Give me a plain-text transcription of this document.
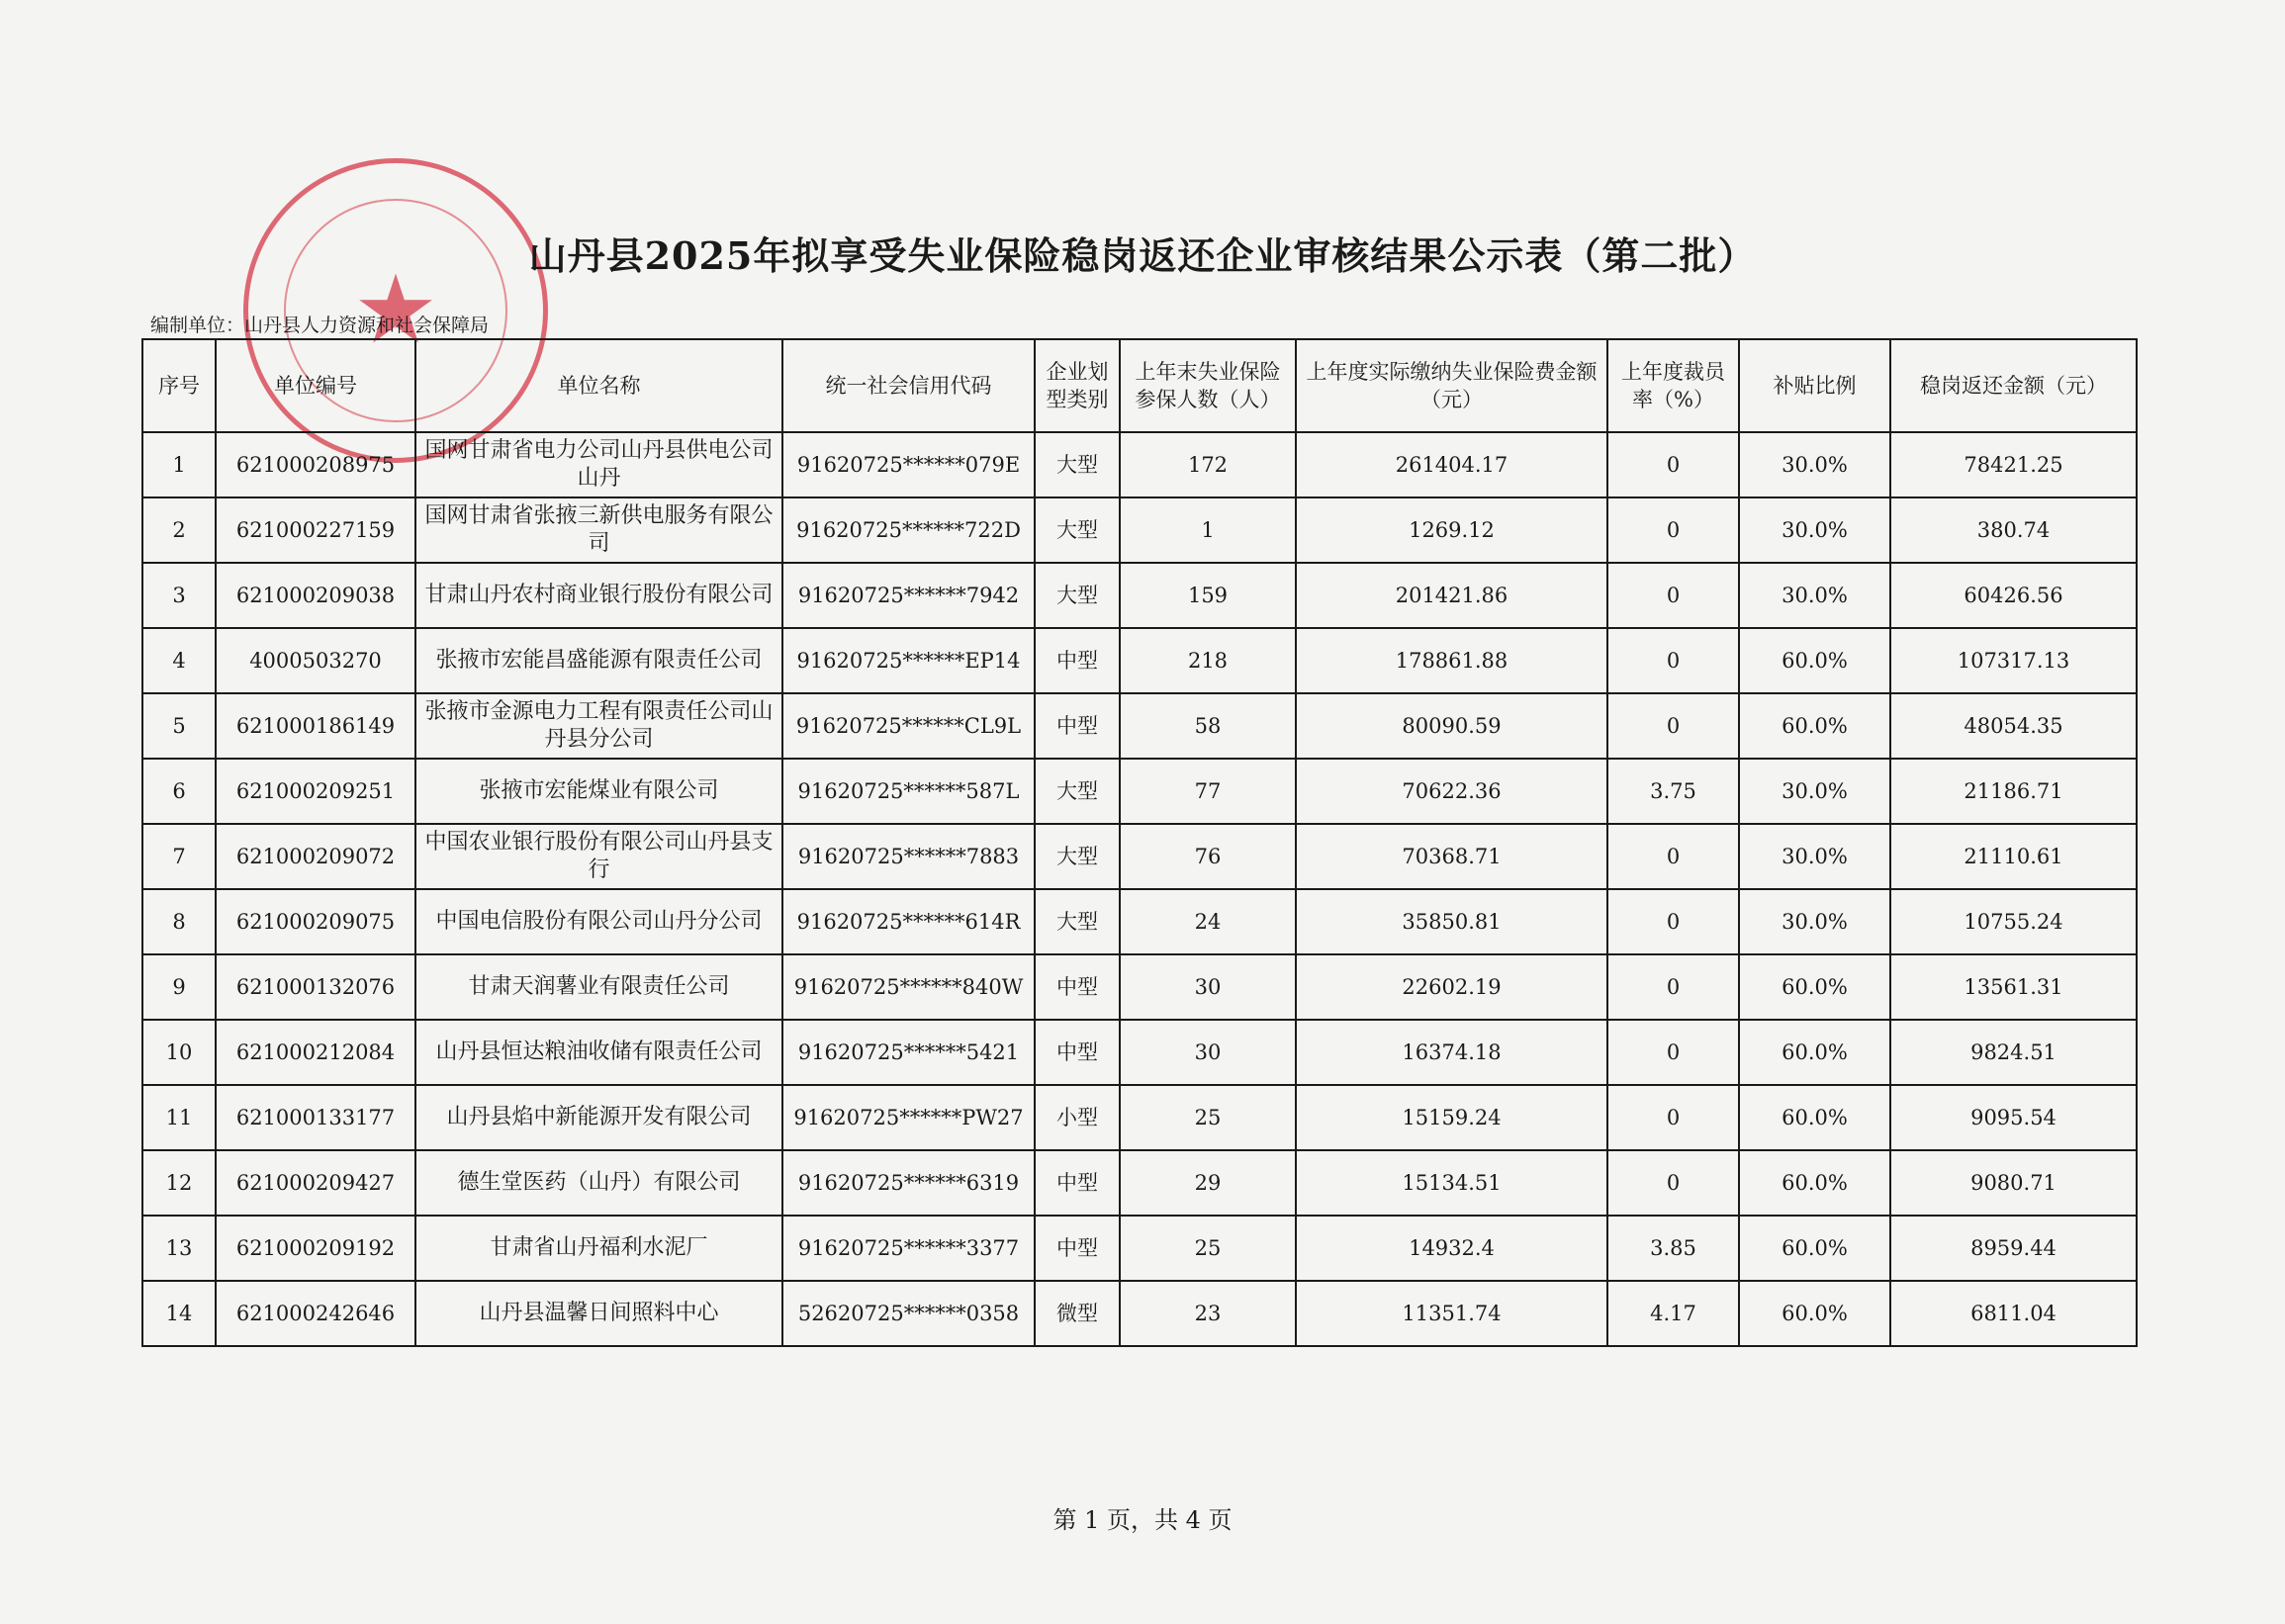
★	山丹县2025年拟享受失业保险稳岗返还企业审核结果公示表（第二批）
编制单位：山丹县人力资源和社会保障局
序号	单位编号	单位名称	统一社会信用代码	企业划型类别	上年末失业保险参保人数（人）	上年度实际缴纳失业保险费金额（元）	上年度裁员率（%）	补贴比例	稳岗返还金额（元）
1	621000208975	国网甘肃省电力公司山丹县供电公司山丹	91620725******079E	大型	172	261404.17	0	30.0%	78421.25
2	621000227159	国网甘肃省张掖三新供电服务有限公司	91620725******722D	大型	1	1269.12	0	30.0%	380.74
3	621000209038	甘肃山丹农村商业银行股份有限公司	91620725******7942	大型	159	201421.86	0	30.0%	60426.56
4	4000503270	张掖市宏能昌盛能源有限责任公司	91620725******EP14	中型	218	178861.88	0	60.0%	107317.13
5	621000186149	张掖市金源电力工程有限责任公司山丹县分公司	91620725******CL9L	中型	58	80090.59	0	60.0%	48054.35
6	621000209251	张掖市宏能煤业有限公司	91620725******587L	大型	77	70622.36	3.75	30.0%	21186.71
7	621000209072	中国农业银行股份有限公司山丹县支行	91620725******7883	大型	76	70368.71	0	30.0%	21110.61
8	621000209075	中国电信股份有限公司山丹分公司	91620725******614R	大型	24	35850.81	0	30.0%	10755.24
9	621000132076	甘肃天润薯业有限责任公司	91620725******840W	中型	30	22602.19	0	60.0%	13561.31
10	621000212084	山丹县恒达粮油收储有限责任公司	91620725******5421	中型	30	16374.18	0	60.0%	9824.51
11	621000133177	山丹县焰中新能源开发有限公司	91620725******PW27	小型	25	15159.24	0	60.0%	9095.54
12	621000209427	德生堂医药（山丹）有限公司	91620725******6319	中型	29	15134.51	0	60.0%	9080.71
13	621000209192	甘肃省山丹福利水泥厂	91620725******3377	中型	25	14932.4	3.85	60.0%	8959.44
14	621000242646	山丹县温馨日间照料中心	52620725******0358	微型	23	11351.74	4.17	60.0%	6811.04
第 1 页，共 4 页
